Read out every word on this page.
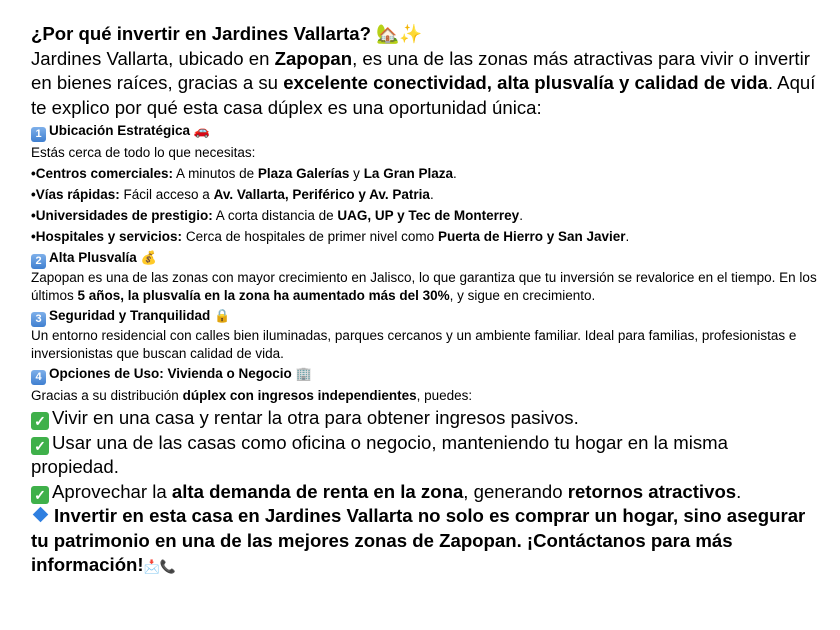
¿Por qué invertir en Jardines Vallarta? 🏡✨

Jardines Vallarta, ubicado en Zapopan, es una de las zonas más atractivas para vivir o invertir en bienes raíces, gracias a su excelente conectividad, alta plusvalía y calidad de vida. Aquí te explico por qué esta casa dúplex es una oportunidad única:

1 Ubicación Estratégica 🚗

Estás cerca de todo lo que necesitas:

•Centros comerciales: A minutos de Plaza Galerías y La Gran Plaza.

•Vías rápidas: Fácil acceso a Av. Vallarta, Periférico y Av. Patria.

•Universidades de prestigio: A corta distancia de UAG, UP y Tec de Monterrey.

•Hospitales y servicios: Cerca de hospitales de primer nivel como Puerta de Hierro y San Javier.

2 Alta Plusvalía 💰

Zapopan es una de las zonas con mayor crecimiento en Jalisco, lo que garantiza que tu inversión se revalorice en el tiempo. En los últimos 5 años, la plusvalía en la zona ha aumentado más del 30%, y sigue en crecimiento.

3 Seguridad y Tranquilidad 🔒

Un entorno residencial con calles bien iluminadas, parques cercanos y un ambiente familiar. Ideal para familias, profesionistas e inversionistas que buscan calidad de vida.

4 Opciones de Uso: Vivienda o Negocio 🏢

Gracias a su distribución dúplex con ingresos independientes, puedes:

✓ Vivir en una casa y rentar la otra para obtener ingresos pasivos.

✓ Usar una de las casas como oficina o negocio, manteniendo tu hogar en la misma propiedad.

✓ Aprovechar la alta demanda de renta en la zona, generando retornos atractivos.

Invertir en esta casa en Jardines Vallarta no solo es comprar un hogar, sino asegurar tu patrimonio en una de las mejores zonas de Zapopan. ¡Contáctanos para más información!📩📞
